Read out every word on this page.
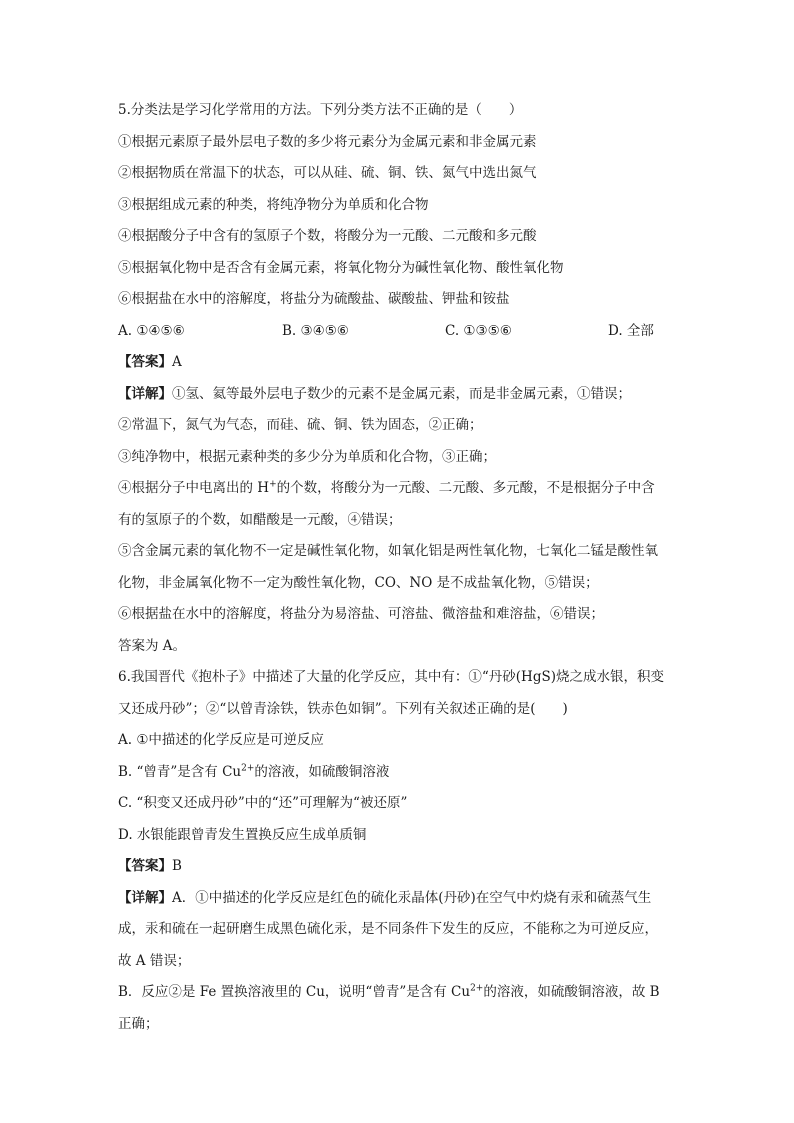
5.分类法是学习化学常用的方法。下列分类方法不正确的是（　　）
①根据元素原子最外层电子数的多少将元素分为金属元素和非金属元素
②根据物质在常温下的状态，可以从硅、硫、铜、铁、氮气中选出氮气
③根据组成元素的种类，将纯净物分为单质和化合物
④根据酸分子中含有的氢原子个数，将酸分为一元酸、二元酸和多元酸
⑤根据氧化物中是否含有金属元素，将氧化物分为碱性氧化物、酸性氧化物
⑥根据盐在水中的溶解度，将盐分为硫酸盐、碳酸盐、钾盐和铵盐
A. ①④⑤⑥	B. ③④⑤⑥	C. ①③⑤⑥	D. 全部
【答案】A
【详解】①氢、氦等最外层电子数少的元素不是金属元素，而是非金属元素，①错误；
②常温下，氮气为气态，而硅、硫、铜、铁为固态，②正确；
③纯净物中，根据元素种类的多少分为单质和化合物，③正确；
④根据分子中电离出的 H+的个数，将酸分为一元酸、二元酸、多元酸，不是根据分子中含
有的氢原子的个数，如醋酸是一元酸，④错误；
⑤含金属元素的氧化物不一定是碱性氧化物，如氧化铝是两性氧化物，七氧化二锰是酸性氧
化物，非金属氧化物不一定为酸性氧化物，CO、NO 是不成盐氧化物，⑤错误；
⑥根据盐在水中的溶解度，将盐分为易溶盐、可溶盐、微溶盐和难溶盐，⑥错误；
答案为 A。
6.我国晋代《抱朴子》中描述了大量的化学反应，其中有：①“丹砂(HgS)烧之成水银，积变
又还成丹砂”；②“以曾青涂铁，铁赤色如铜”。下列有关叙述正确的是(　　)
A. ①中描述的化学反应是可逆反应
B. “曾青”是含有 $Cu^{2+}$的溶液，如硫酸铜溶液
C. “积变又还成丹砂”中的“还”可理解为“被还原”
D. 水银能跟曾青发生置换反应生成单质铜
【答案】B
【详解】A．①中描述的化学反应是红色的硫化汞晶体(丹砂)在空气中灼烧有汞和硫蒸气生
成，汞和硫在一起研磨生成黑色硫化汞，是不同条件下发生的反应，不能称之为可逆反应，
故 A 错误；
B．反应②是 Fe 置换溶液里的 Cu，说明“曾青”是含有 $Cu^{2+}$的溶液，如硫酸铜溶液，故 B
正确；
